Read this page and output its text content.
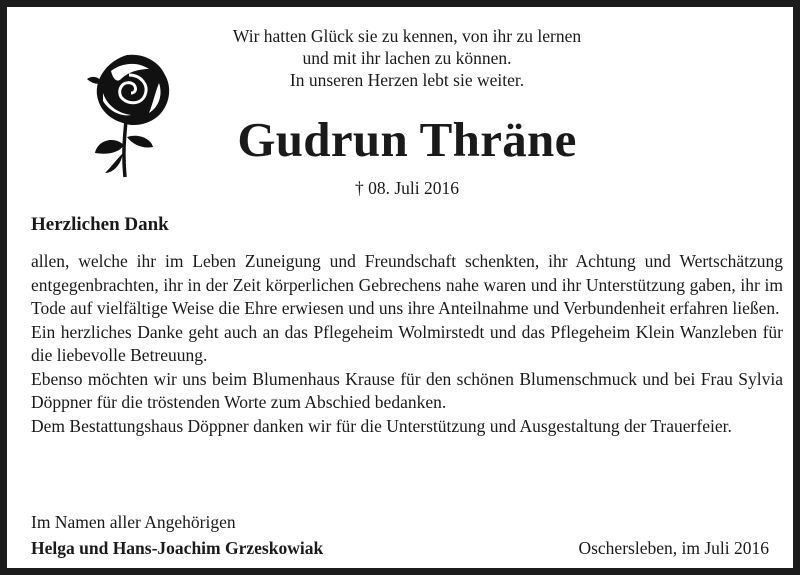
Wir hatten Glück sie zu kennen, von ihr zu lernen
und mit ihr lachen zu können.
In unseren Herzen lebt sie weiter.
Gudrun Thräne
† 08. Juli 2016
Herzlichen Dank
allen, welche ihr im Leben Zuneigung und Freundschaft schenkten, ihr Achtung und Wertschätzung entgegenbrachten, ihr in der Zeit körperlichen Gebrechens nahe waren und ihr Unterstützung gaben, ihr im Tode auf vielfältige Weise die Ehre erwiesen und uns ihre Anteilnahme und Verbundenheit erfahren ließen.
Ein herzliches Danke geht auch an das Pflegeheim Wolmirstedt und das Pflegeheim Klein Wanzleben für die liebevolle Betreuung.
Ebenso möchten wir uns beim Blumenhaus Krause für den schönen Blumenschmuck und bei Frau Sylvia Döppner für die tröstenden Worte zum Abschied bedanken.
Dem Bestattungshaus Döppner danken wir für die Unterstützung und Ausgestaltung der Trauerfeier.
Im Namen aller Angehörigen
Helga und Hans-Joachim Grzeskowiak	Oschersleben, im Juli 2016
